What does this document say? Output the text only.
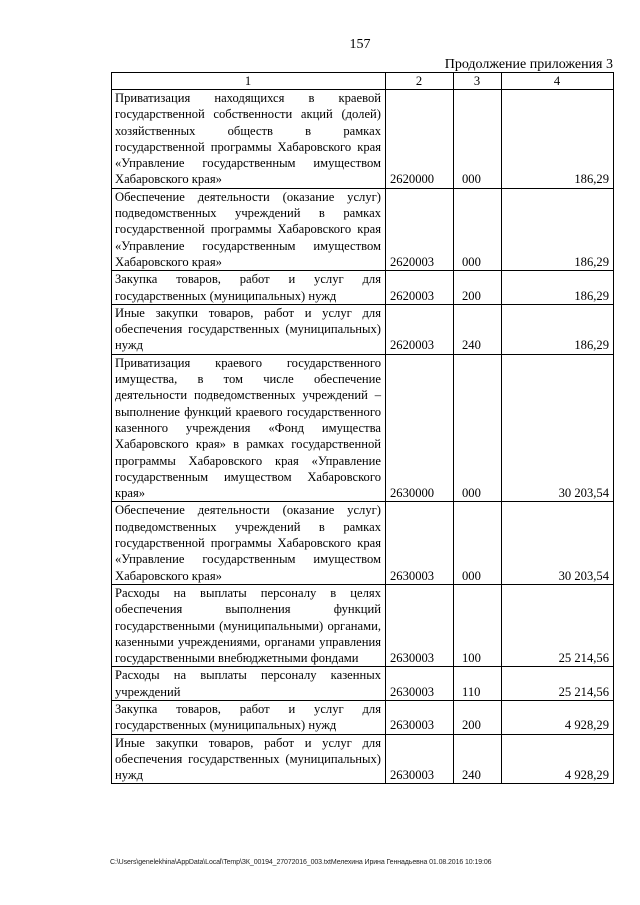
157
Продолжение приложения 3
1	2	3	4
Приватизация находящихся в краевой государственной собственности акций (долей) хозяйственных обществ в рамках государственной программы Хабаровского края «Управление государственным имуществом Хабаровского края»	2620000	000	186,29
Обеспечение деятельности (оказание услуг) подведомственных учреждений в рамках государственной программы Хабаровского края «Управление государственным имуществом Хабаровского края»	2620003	000	186,29
Закупка товаров, работ и услуг для государственных (муниципальных) нужд	2620003	200	186,29
Иные закупки товаров, работ и услуг для обеспечения государственных (муниципальных) нужд	2620003	240	186,29
Приватизация краевого государственного имущества, в том числе обеспечение деятельности подведомственных учреждений – выполнение функций краевого государственного казенного учреждения «Фонд имущества Хабаровского края» в рамках государственной программы Хабаровского края «Управление государственным имуществом Хабаровского края»	2630000	000	30 203,54
Обеспечение деятельности (оказание услуг) подведомственных учреждений в рамках государственной программы Хабаровского края «Управление государственным имуществом Хабаровского края»	2630003	000	30 203,54
Расходы на выплаты персоналу в целях обеспечения выполнения функций государственными (муниципальными) органами, казенными учреждениями, органами управления государственными внебюджетными фондами	2630003	100	25 214,56
Расходы на выплаты персоналу казенных учреждений	2630003	110	25 214,56
Закупка товаров, работ и услуг для государственных (муниципальных) нужд	2630003	200	4 928,29
Иные закупки товаров, работ и услуг для обеспечения государственных (муниципальных) нужд	2630003	240	4 928,29
C:\Users\genelekhina\AppData\Local\Temp\ЗК_00194_27072016_003.txtМелехина Ирина Геннадьевна 01.08.2016 10:19:06
